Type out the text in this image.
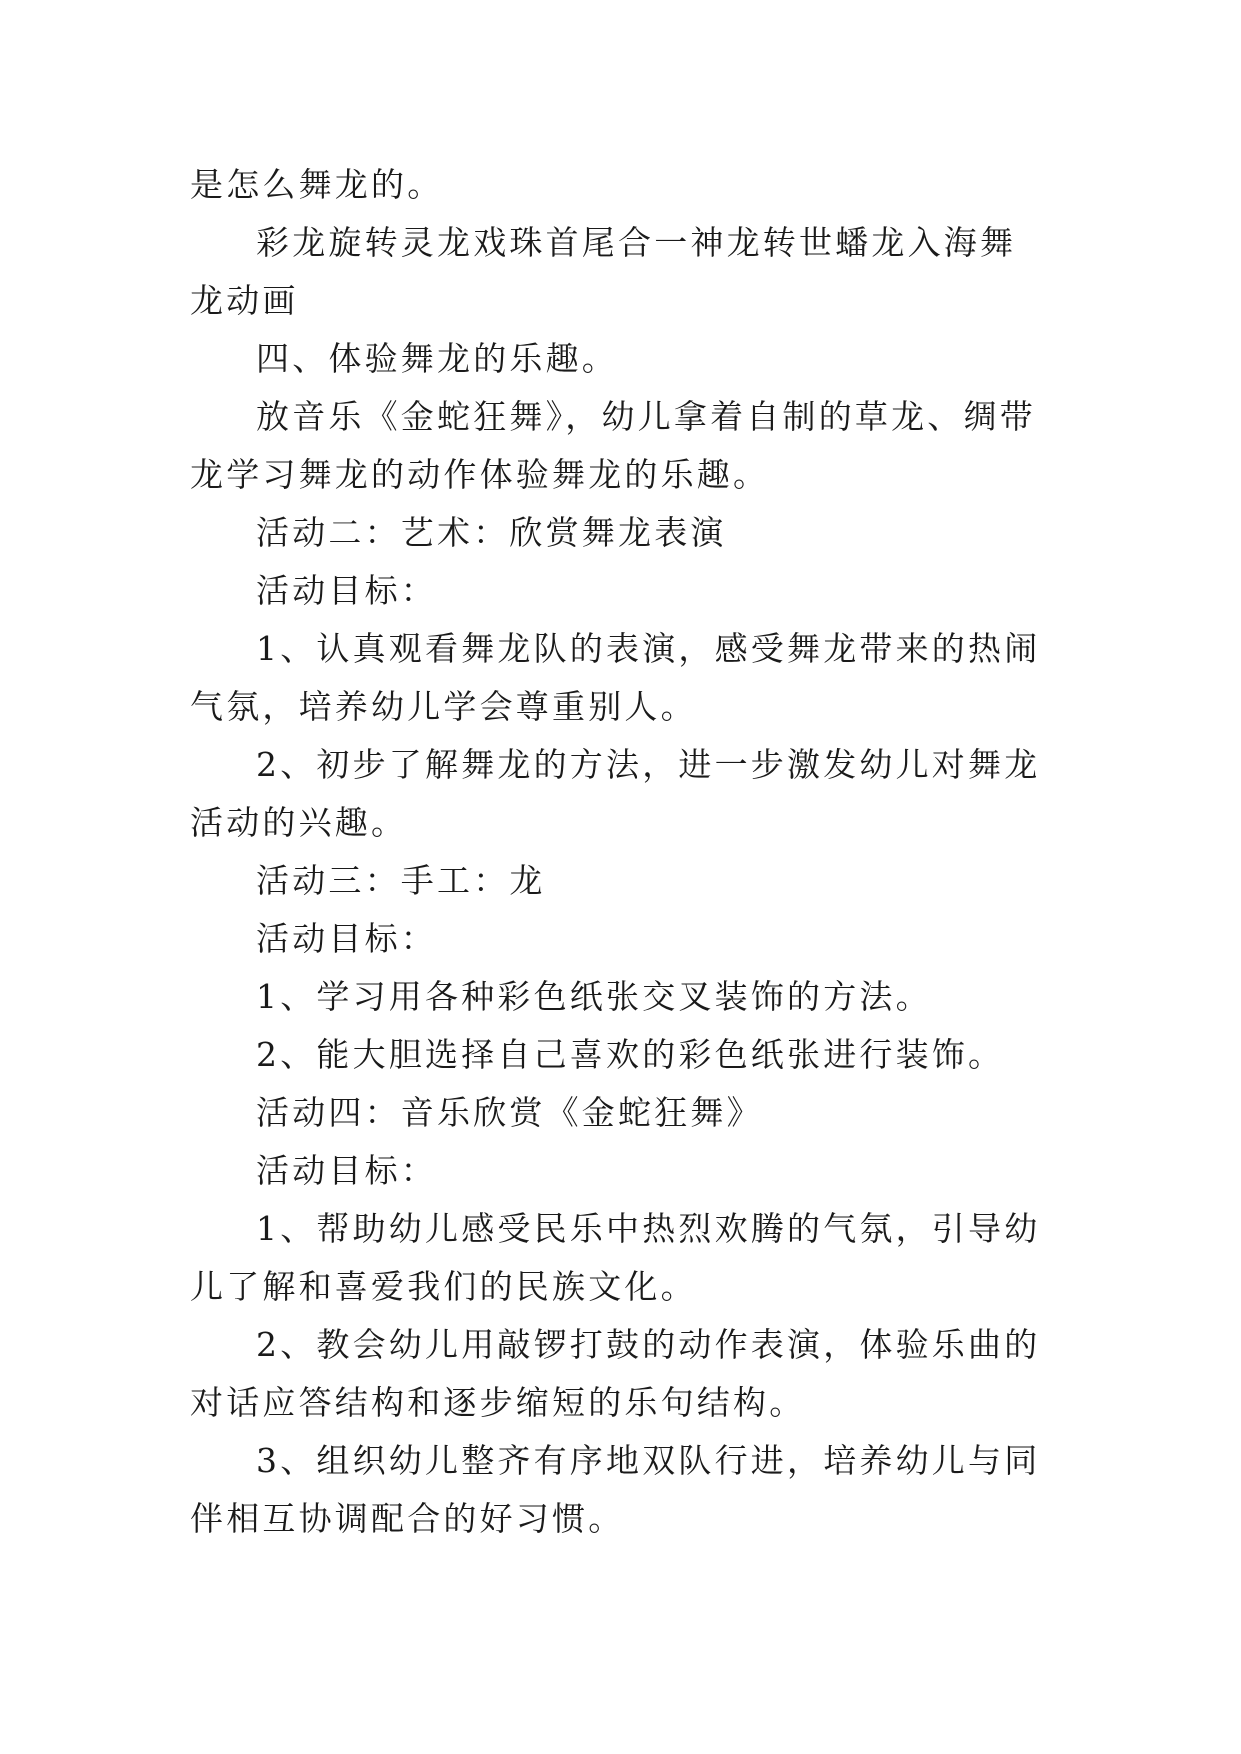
是怎么舞龙的。

彩龙旋转灵龙戏珠首尾合一神龙转世蟠龙入海舞龙动画

四、体验舞龙的乐趣。

放音乐《金蛇狂舞》，幼儿拿着自制的草龙、绸带龙学习舞龙的动作体验舞龙的乐趣。

活动二：艺术：欣赏舞龙表演

活动目标：

1、认真观看舞龙队的表演，感受舞龙带来的热闹气氛，培养幼儿学会尊重别人。

2、初步了解舞龙的方法，进一步激发幼儿对舞龙活动的兴趣。

活动三：手工：龙

活动目标：

1、学习用各种彩色纸张交叉装饰的方法。

2、能大胆选择自己喜欢的彩色纸张进行装饰。

活动四：音乐欣赏《金蛇狂舞》

活动目标：

1、帮助幼儿感受民乐中热烈欢腾的气氛，引导幼儿了解和喜爱我们的民族文化。

2、教会幼儿用敲锣打鼓的动作表演，体验乐曲的对话应答结构和逐步缩短的乐句结构。

3、组织幼儿整齐有序地双队行进，培养幼儿与同伴相互协调配合的好习惯。
